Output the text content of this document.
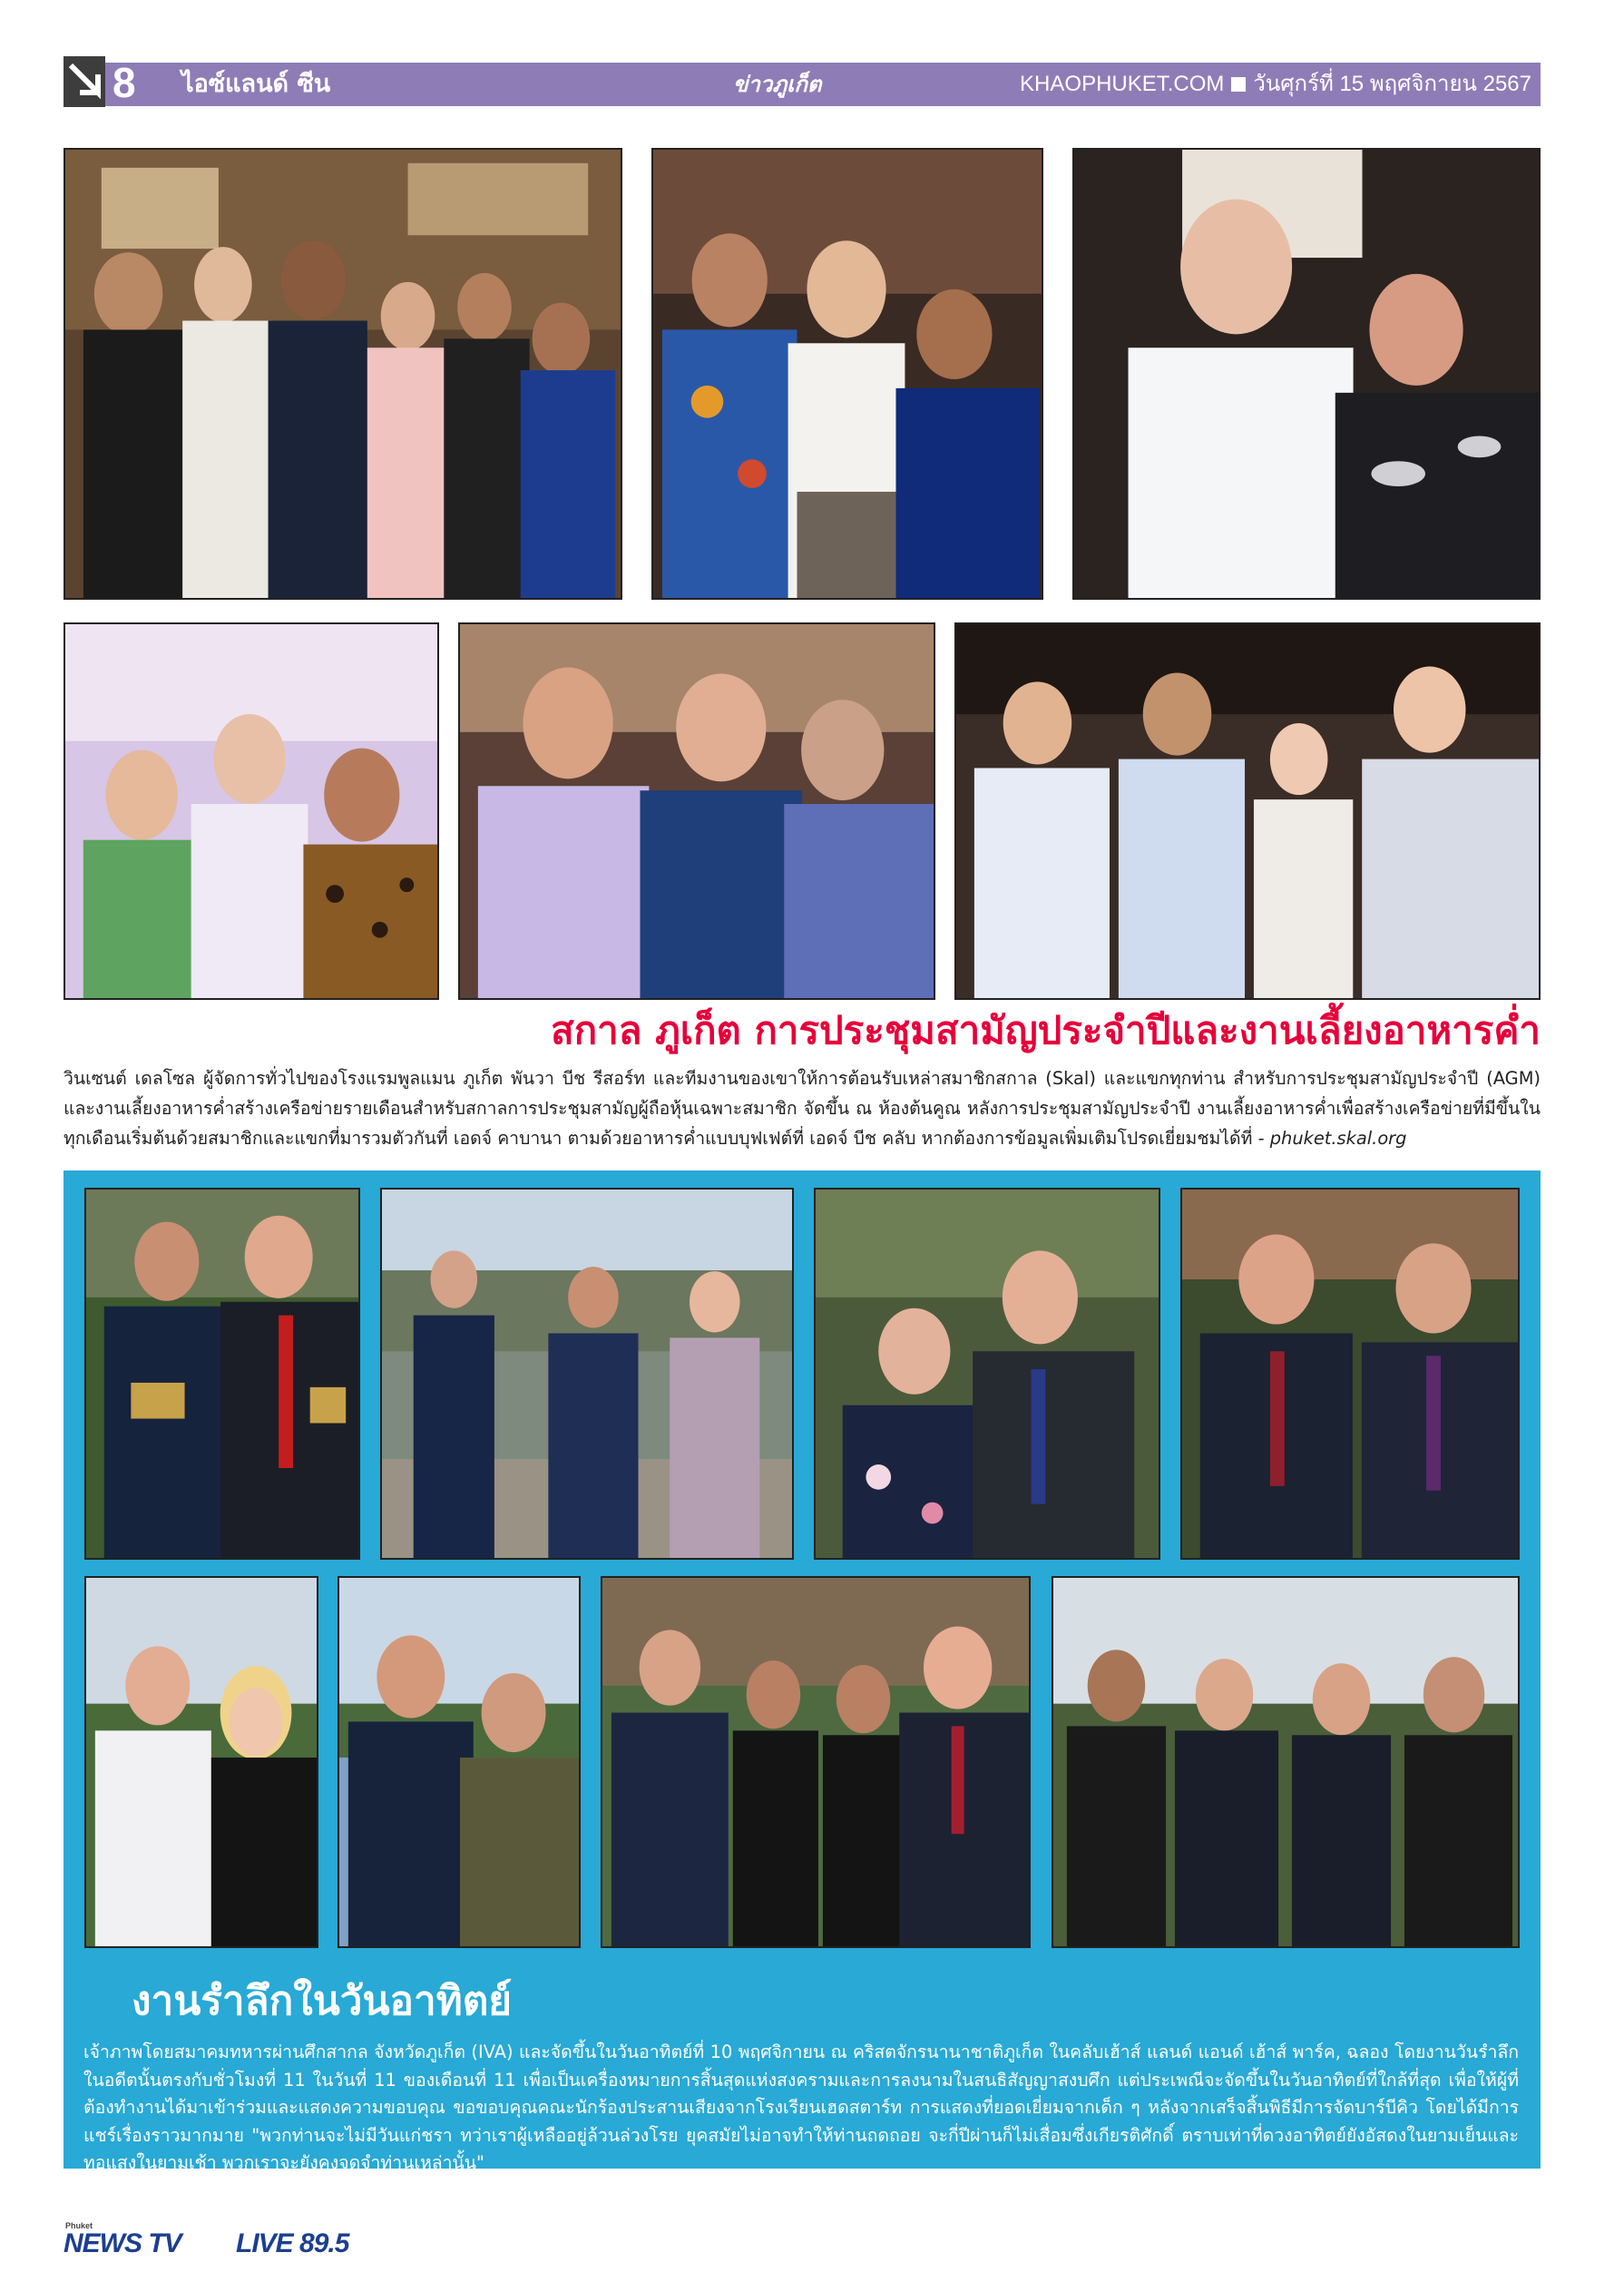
8	ไอซ์แลนด์ ซีน	ข่าวภูเก็ต	KHAOPHUKET.COM วันศุกร์ที่ 15 พฤศจิกายน 2567
สกาล ภูเก็ต การประชุมสามัญประจำปีและงานเลี้ยงอาหารค่ำ
วินเซนต์ เดลโซล ผู้จัดการทั่วไปของโรงแรมพูลแมน ภูเก็ต พันวา บีช รีสอร์ท และทีมงานของเขาให้การต้อนรับเหล่าสมาชิกสกาล (Skal) และแขกทุกท่าน สำหรับการประชุมสามัญประจำปี (AGM) และงานเลี้ยงอาหารค่ำสร้างเครือข่ายรายเดือนสำหรับสกาลการประชุมสามัญผู้ถือหุ้นเฉพาะสมาชิก จัดขึ้น ณ ห้องต้นคูณ หลังการประชุมสามัญประจำปี งานเลี้ยงอาหารค่ำเพื่อสร้างเครือข่ายที่มีขึ้นในทุกเดือนเริ่มต้นด้วยสมาชิกและแขกที่มารวมตัวกันที่ เอดจ์ คาบานา ตามด้วยอาหารค่ำแบบบุฟเฟต์ที่ เอดจ์ บีช คลับ หากต้องการข้อมูลเพิ่มเติมโปรดเยี่ยมชมได้ที่ - phuket.skal.org
งานรำลึกในวันอาทิตย์
เจ้าภาพโดยสมาคมทหารผ่านศึกสากล จังหวัดภูเก็ต (IVA) และจัดขึ้นในวันอาทิตย์ที่ 10 พฤศจิกายน ณ คริสตจักรนานาชาติภูเก็ต ในคลับเฮ้าส์ แลนด์ แอนด์ เฮ้าส์ พาร์ค, ฉลอง โดยงานวันรำลึกในอดีตนั้นตรงกับชั่วโมงที่ 11 ในวันที่ 11 ของเดือนที่ 11 เพื่อเป็นเครื่องหมายการสิ้นสุดแห่งสงครามและการลงนามในสนธิสัญญาสงบศึก แต่ประเพณีจะจัดขึ้นในวันอาทิตย์ที่ใกล้ที่สุด เพื่อให้ผู้ที่ต้องทำงานได้มาเข้าร่วมและแสดงความขอบคุณ ขอขอบคุณคณะนักร้องประสานเสียงจากโรงเรียนเฮดสตาร์ท การแสดงที่ยอดเยี่ยมจากเด็ก ๆ หลังจากเสร็จสิ้นพิธีมีการจัดบาร์บีคิว โดยได้มีการแชร์เรื่องราวมากมาย "พวกท่านจะไม่มีวันแก่ชรา ทว่าเราผู้เหลืออยู่ล้วนล่วงโรย ยุคสมัยไม่อาจทำให้ท่านถดถอย จะกี่ปีผ่านก็ไม่เสื่อมซึ่งเกียรติศักดิ์ ตราบเท่าที่ดวงอาทิตย์ยังอัสดงในยามเย็นและทอแสงในยามเช้า พวกเราจะยังคงจดจำท่านเหล่านั้น"
Phuket
NEWS TV LIVE 89.5
